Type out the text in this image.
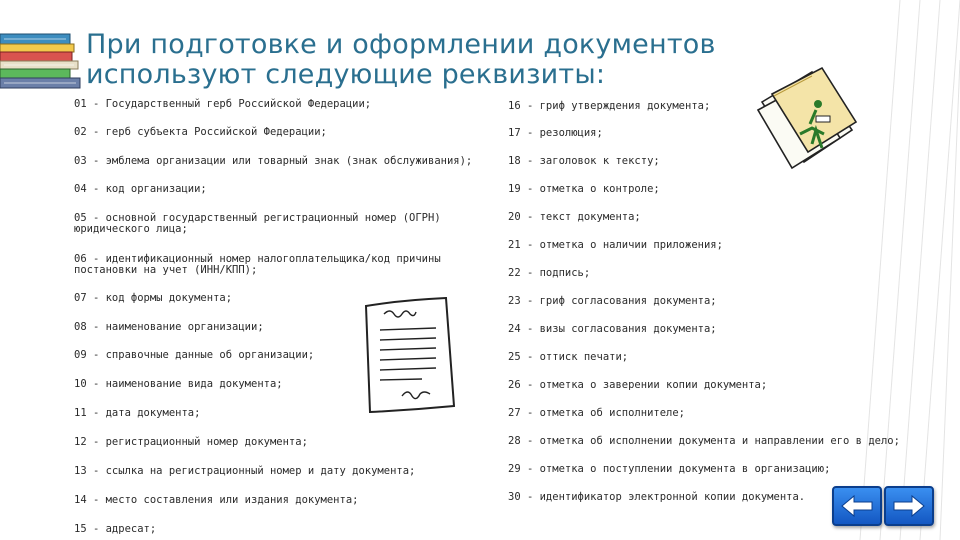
При подготовке и оформлении документов
используют следующие реквизиты:
01 - Государственный герб Российской Федерации;
02 - герб субъекта Российской Федерации;
03 - эмблема организации или товарный знак (знак обслуживания);
04 - код организации;
05 - основной государственный регистрационный номер (ОГРН) юридического лица;
06 - идентификационный номер налогоплательщика/код причины постановки на учет (ИНН/КПП);
07 - код формы документа;
08 - наименование организации;
09 - справочные данные об организации;
10 - наименование вида документа;
11 - дата документа;
12 - регистрационный номер документа;
13 - ссылка на регистрационный номер и дату документа;
14 - место составления или издания документа;
15 - адресат;
16 - гриф утверждения документа;
17 - резолюция;
18 - заголовок к тексту;
19 - отметка о контроле;
20 - текст документа;
21 - отметка о наличии приложения;
22 - подпись;
23 - гриф согласования документа;
24 - визы согласования документа;
25 - оттиск печати;
26 - отметка о заверении копии документа;
27 - отметка об исполнителе;
28 - отметка об исполнении документа и направлении его в дело;
29 - отметка о поступлении документа в организацию;
30 - идентификатор электронной копии документа.
